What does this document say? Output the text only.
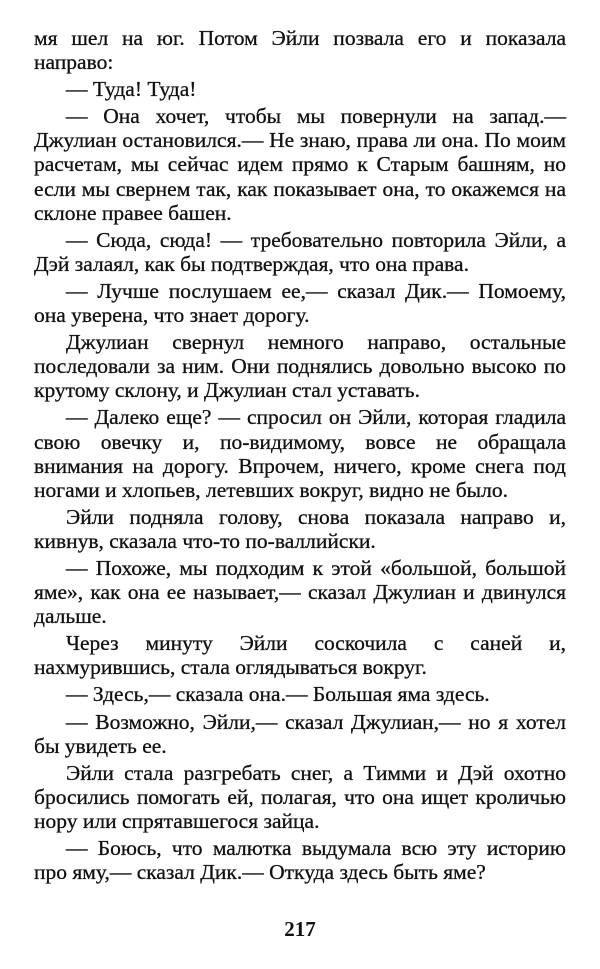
мя шел на юг. Потом Эйли позвала его и показала направо:

— Туда! Туда!

— Она хочет, чтобы мы повернули на запад.— Джулиан остановился.— Не знаю, права ли она. По моим расчетам, мы сейчас идем прямо к Старым башням, но если мы свернем так, как показывает она, то окажемся на склоне правее башен.

— Сюда, сюда! — требовательно повторила Эйли, а Дэй залаял, как бы подтверждая, что она права.

— Лучше послушаем ее,— сказал Дик.— Помоему, она уверена, что знает дорогу.

Джулиан свернул немного направо, остальные последовали за ним. Они поднялись довольно высоко по крутому склону, и Джулиан стал уставать.

— Далеко еще? — спросил он Эйли, которая гладила свою овечку и, по-видимому, вовсе не обращала внимания на дорогу. Впрочем, ничего, кроме снега под ногами и хлопьев, летевших вокруг, видно не было.

Эйли подняла голову, снова показала направо и, кивнув, сказала что-то по-валлийски.

— Похоже, мы подходим к этой «большой, большой яме», как она ее называет,— сказал Джулиан и двинулся дальше.

Через минуту Эйли соскочила с саней и, нахмурившись, стала оглядываться вокруг.

— Здесь,— сказала она.— Большая яма здесь.

— Возможно, Эйли,— сказал Джулиан,— но я хотел бы увидеть ее.

Эйли стала разгребать снег, а Тимми и Дэй охотно бросились помогать ей, полагая, что она ищет кроличью нору или спрятавшегося зайца.

— Боюсь, что малютка выдумала всю эту историю про яму,— сказал Дик.— Откуда здесь быть яме?

217
